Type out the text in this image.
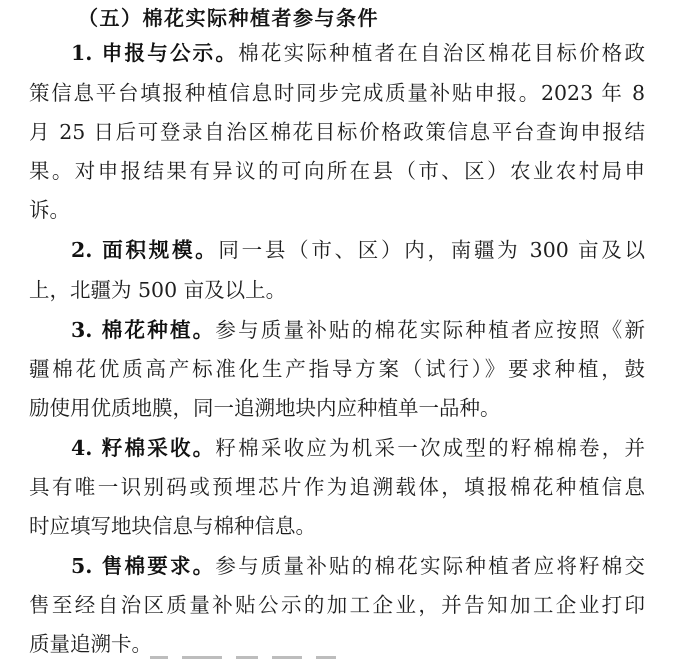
（五）棉花实际种植者参与条件
1. 申报与公示。棉花实际种植者在自治区棉花目标价格政
策信息平台填报种植信息时同步完成质量补贴申报。2023 年 8
月 25 日后可登录自治区棉花目标价格政策信息平台查询申报结
果。对申报结果有异议的可向所在县（市、区）农业农村局申
诉。
2. 面积规模。同一县（市、区）内，南疆为 300 亩及以
上，北疆为 500 亩及以上。
3. 棉花种植。参与质量补贴的棉花实际种植者应按照《新
疆棉花优质高产标准化生产指导方案（试行）》要求种植，鼓
励使用优质地膜，同一追溯地块内应种植单一品种。
4. 籽棉采收。籽棉采收应为机采一次成型的籽棉棉卷，并
具有唯一识别码或预埋芯片作为追溯载体，填报棉花种植信息
时应填写地块信息与棉种信息。
5. 售棉要求。参与质量补贴的棉花实际种植者应将籽棉交
售至经自治区质量补贴公示的加工企业，并告知加工企业打印
质量追溯卡。
